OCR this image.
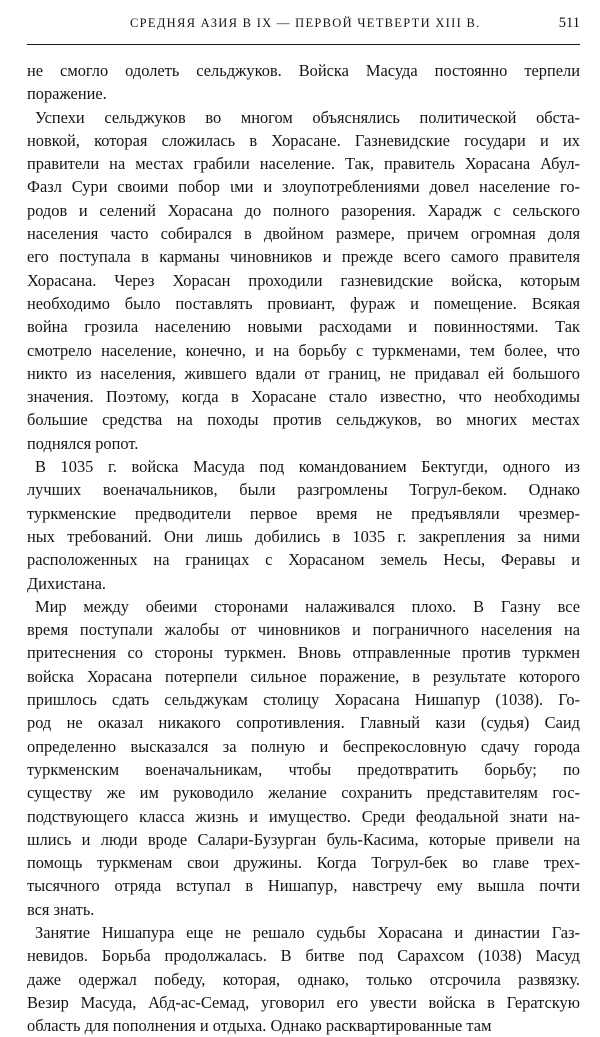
СРЕДНЯЯ АЗИЯ В IX — ПЕРВОЙ ЧЕТВЕРТИ XIII В.	511
не смогло одолеть сельджуков. Войска Масуда постоянно терпели
поражение.
Успехи сельджуков во многом объяснялись политической обста-
новкой, которая сложилась в Хорасане. Газневидские государи и их
правители на местах грабили население. Так, правитель Хорасана Абул-
Фазл Сури своими побор ιми и злоупотреблениями довел население го-
родов и селений Хорасана до полного разорения. Харадж с сельского
населения часто собирался в двойном размере, причем огромная доля
его поступала в карманы чиновников и прежде всего самого правителя
Хорасана. Через Хорасан проходили газневидские войска, которым
необходимо было поставлять провиант, фураж и помещение. Всякая
война грозила населению новыми расходами и повинностями. Так
смотрело население, конечно, и на борьбу с туркменами, тем более, что
никто из населения, жившего вдали от границ, не придавал ей большого
значения. Поэтому, когда в Хорасане стало известно, что необходимы
большие средства на походы против сельджуков, во многих местах
поднялся ропот.
В 1035 г. войска Масуда под командованием Бектугди, одного из
лучших военачальников, были разгромлены Тогрул-беком. Однако
туркменские предводители первое время не предъявляли чрезмер-
ных требований. Они лишь добились в 1035 г. закрепления за ними
расположенных на границах с Хорасаном земель Несы, Феравы и
Дихистана.
Мир между обеими сторонами налаживался плохо. В Газну все
время поступали жалобы от чиновников и пограничного населения на
притеснения со стороны туркмен. Вновь отправленные против туркмен
войска Хорасана потерпели сильное поражение, в результате которого
пришлось сдать сельджукам столицу Хорасана Нишапур (1038). Го-
род не оказал никакого сопротивления. Главный кази (судья) Саид
определенно высказался за полную и беспрекословную сдачу города
туркменским военачальникам, чтобы предотвратить борьбу; по
существу же им руководило желание сохранить представителям гос-
подствующего класса жизнь и имущество. Среди феодальной знати на-
шлись и люди вроде Салари-Бузурган буль-Касима, которые привели на
помощь туркменам свои дружины. Когда Тогрул-бек во главе трех-
тысячного отряда вступал в Нишапур, навстречу ему вышла почти
вся знать.
Занятие Нишапура еще не решало судьбы Хорасана и династии Газ-
невидов. Борьба продолжалась. В битве под Сарахсом (1038) Масуд
даже одержал победу, которая, однако, только отсрочила развязку.
Везир Масуда, Абд-ас-Семад, уговорил его увести войска в Гератскую
область для пополнения и отдыха. Однако расквартированные там
